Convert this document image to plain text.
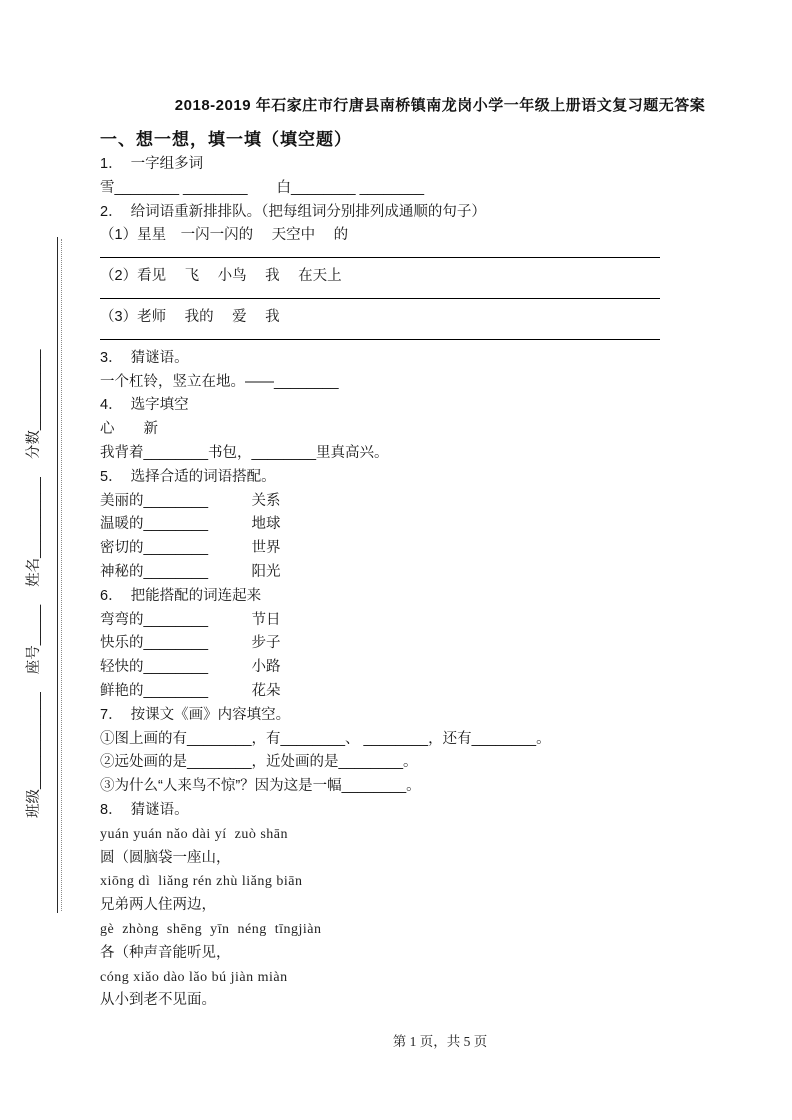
班级____________ 座号_____ 姓名__________ 分数__________
2018-2019 年石家庄市行唐县南桥镇南龙岗小学一年级上册语文复习题无答案
一、想一想，填一填（填空题）
1．  一字组多词
雪________ ________　　白________ ________
2．  给词语重新排排队。（把每组词分别排列成通顺的句子）
（1）星星　一闪一闪的　 天空中　 的
（2）看见　 飞　 小鸟　 我　 在天上
（3）老师　 我的　 爱　 我
3．  猜谜语。
一个杠铃，竖立在地。——________
4．  选字填空
心　　新
我背着________书包，________里真高兴。
5．  选择合适的词语搭配。
美丽的________　　　关系
温暖的________　　　地球
密切的________　　　世界
神秘的________　　　阳光
6．  把能搭配的词连起来
弯弯的________　　　节日
快乐的________　　　步子
轻快的________　　　小路
鲜艳的________　　　花朵
7．  按课文《画》内容填空。
①图上画的有________，有________、 ________，还有________。
②远处画的是________，近处画的是________。
③为什么“人来鸟不惊”？因为这是一幅________。
8．  猜谜语。
yuán yuán nǎo dài yí  zuò shān
圆（圆脑袋一座山，
xiōng dì  liǎng rén zhù liǎng biān
兄弟两人住两边，
gè  zhòng  shēng  yīn  néng  tīngjiàn
各（种声音能听见，
cóng xiǎo dào lǎo bú jiàn miàn
从小到老不见面。
第 1 页，共 5 页
